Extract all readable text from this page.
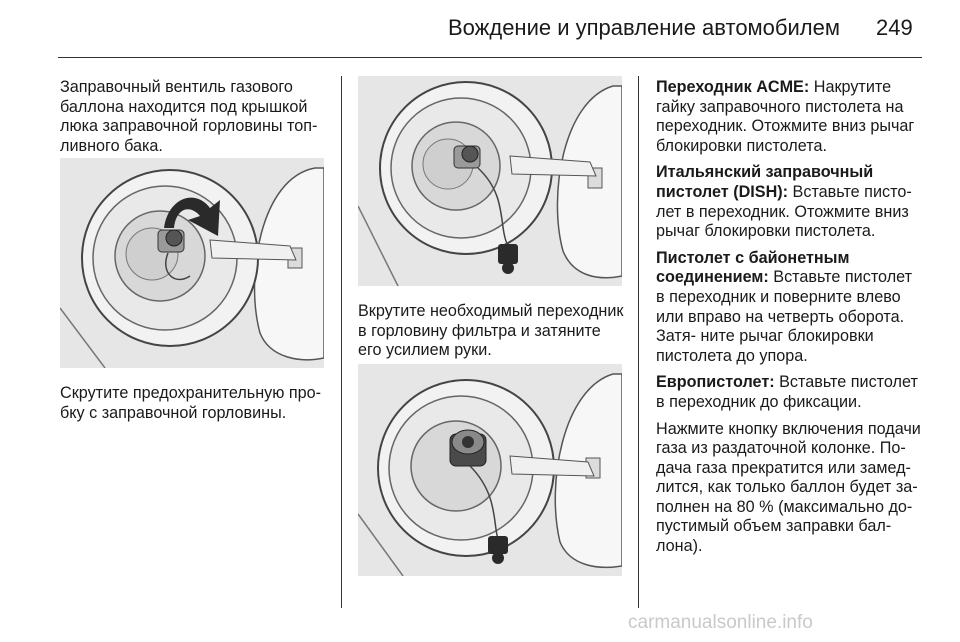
Вождение и управление автомобилем 249

Заправочный вентиль газового баллона находится под крышкой люка заправочной горловины топ- ливного бака.

Скрутите предохранительную про- бку с заправочной горловины.

Вкрутите необходимый переходник в горловину фильтра и затяните его усилием руки.

Переходник ACME: Накрутите гайку заправочного пистолета на переходник. Отожмите вниз рычаг блокировки пистолета.

Итальянский заправочный пистолет (DISH): Вставьте писто- лет в переходник. Отожмите вниз рычаг блокировки пистолета.

Пистолет с байонетным соединением: Вставьте пистолет в переходник и поверните влево или вправо на четверть оборота. Затя- ните рычаг блокировки пистолета до упора.

Европистолет: Вставьте пистолет в переходник до фиксации.

Нажмите кнопку включения подачи газа из раздаточной колонке. По- дача газа прекратится или замед- лится, как только баллон будет за- полнен на 80 % (максимально до- пустимый объем заправки бал- лона).

carmanualsonline.info
